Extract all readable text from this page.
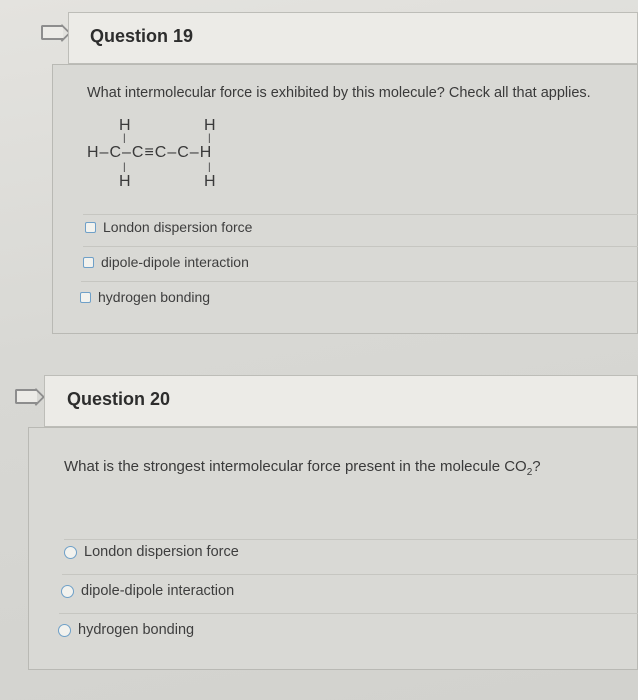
Question 19
What intermolecular force is exhibited by this molecule? Check all that applies.
H	H
|	|
H–C–C≡C–C–H
|	|
H	H
London dispersion force
dipole-dipole interaction
hydrogen bonding
Question 20
What is the strongest intermolecular force present in the molecule $CO_2$?
London dispersion force
dipole-dipole interaction
hydrogen bonding
